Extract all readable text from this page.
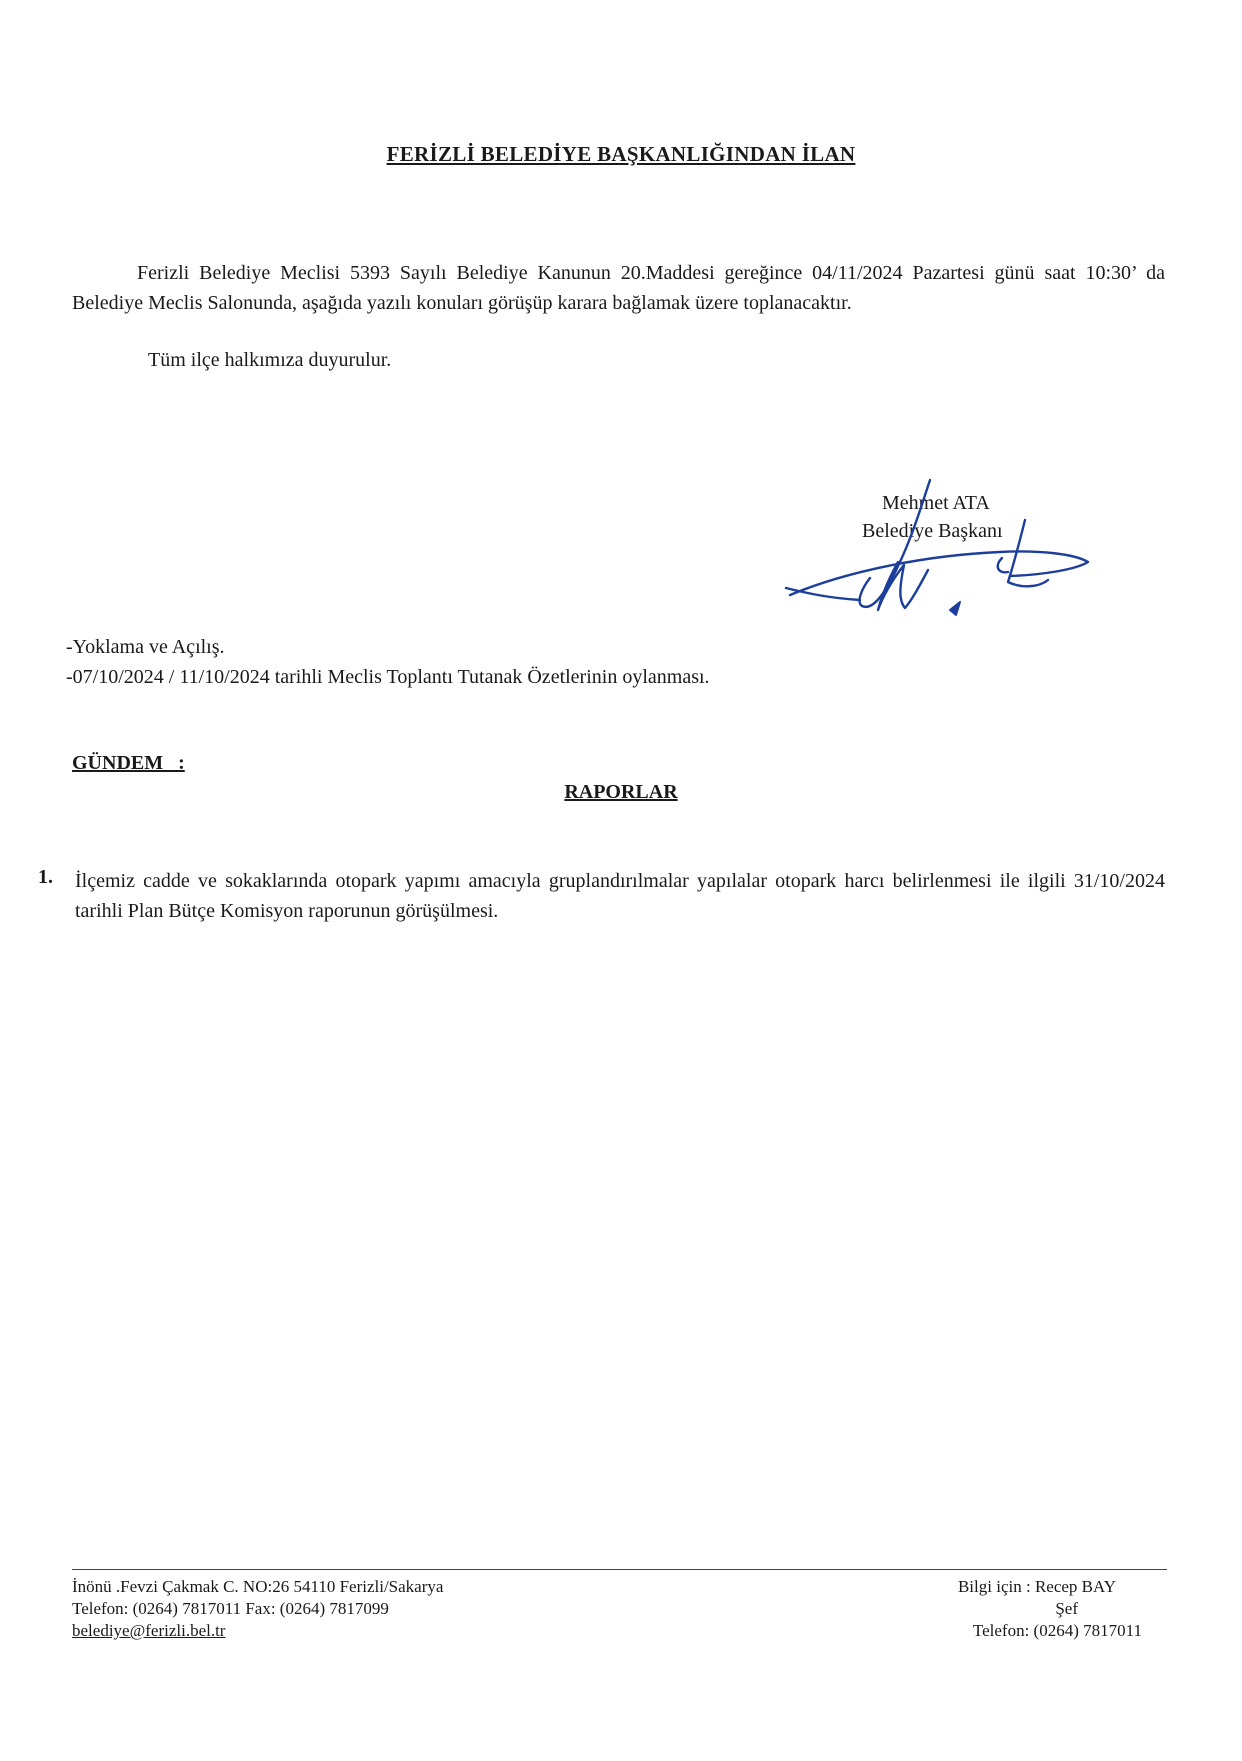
FERİZLİ BELEDİYE BAŞKANLIĞINDAN İLAN

Ferizli Belediye Meclisi 5393 Sayılı Belediye Kanunun 20.Maddesi gereğince 04/11/2024 Pazartesi günü saat 10:30’ da Belediye Meclis Salonunda, aşağıda yazılı konuları görüşüp karara bağlamak üzere toplanacaktır.

Tüm ilçe halkımıza duyurulur.
Mehmet ATA
Belediye Başkanı
-Yoklama ve Açılış.
-07/10/2024 / 11/10/2024 tarihli Meclis Toplantı Tutanak Özetlerinin oylanması.
GÜNDEM   :
RAPORLAR
1. İlçemiz cadde ve sokaklarında otopark yapımı amacıyla gruplandırılmalar yapılalar otopark harcı belirlenmesi ile ilgili 31/10/2024 tarihli Plan Bütçe Komisyon raporunun görüşülmesi.

İnönü .Fevzi Çakmak C. NO:26 54110 Ferizli/Sakarya
Telefon: (0264) 7817011 Fax: (0264) 7817099
belediye@ferizli.bel.tr
Bilgi için : Recep BAY
Şef
Telefon: (0264) 7817011
